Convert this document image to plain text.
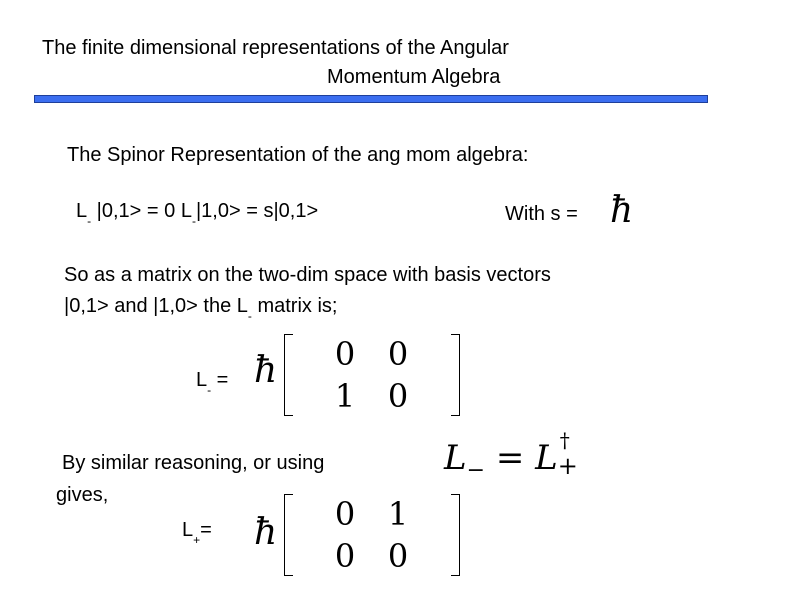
The finite dimensional representations of the Angular
Momentum Algebra
The Spinor Representation of the ang mom algebra:
$L_-$ |0,1> = 0 $L_-|1,0> = s|0,1>$	With s = ħ
So as a matrix on the two-dim space with basis vectors
|0,1> and |1,0> the $L_-$ matrix is;
$L_-$ = ħ 0 0
1 0
By similar reasoning, or using
gives,
$L_- = L$ †
+
$L_+=$ ħ 0 1
0 0
